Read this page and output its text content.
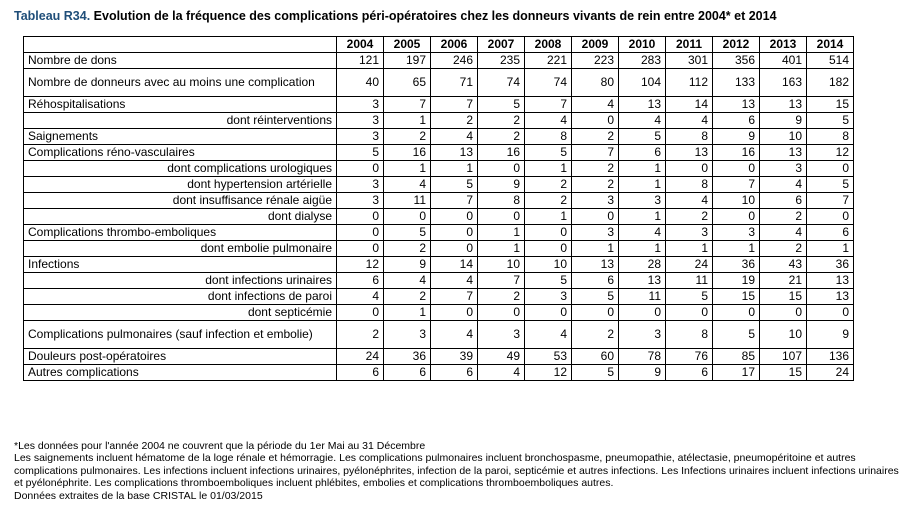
Tableau R34. Evolution de la fréquence des complications péri-opératoires chez les donneurs vivants de rein entre 2004* et 2014
	2004	2005	2006	2007	2008	2009	2010	2011	2012	2013	2014
Nombre de dons	121	197	246	235	221	223	283	301	356	401	514
Nombre de donneurs avec au moins une complication	40	65	71	74	74	80	104	112	133	163	182
Réhospitalisations	3	7	7	5	7	4	13	14	13	13	15
dont réinterventions	3	1	2	2	4	0	4	4	6	9	5
Saignements	3	2	4	2	8	2	5	8	9	10	8
Complications réno-vasculaires	5	16	13	16	5	7	6	13	16	13	12
dont complications urologiques	0	1	1	0	1	2	1	0	0	3	0
dont hypertension artérielle	3	4	5	9	2	2	1	8	7	4	5
dont insuffisance rénale aigüe	3	11	7	8	2	3	3	4	10	6	7
dont dialyse	0	0	0	0	1	0	1	2	0	2	0
Complications thrombo-emboliques	0	5	0	1	0	3	4	3	3	4	6
dont embolie pulmonaire	0	2	0	1	0	1	1	1	1	2	1
Infections	12	9	14	10	10	13	28	24	36	43	36
dont infections urinaires	6	4	4	7	5	6	13	11	19	21	13
dont infections de paroi	4	2	7	2	3	5	11	5	15	15	13
dont septicémie	0	1	0	0	0	0	0	0	0	0	0
Complications pulmonaires (sauf infection et embolie)	2	3	4	3	4	2	3	8	5	10	9
Douleurs post-opératoires	24	36	39	49	53	60	78	76	85	107	136
Autres complications	6	6	6	4	12	5	9	6	17	15	24

*Les données pour l'année 2004 ne couvrent que la période du 1er Mai au 31 Décembre

Les saignements incluent hématome de la loge rénale et hémorragie. Les complications pulmonaires incluent bronchospasme, pneumopathie, atélectasie, pneumopéritoine et autres complications pulmonaires. Les infections incluent infections urinaires, pyélonéphrites, infection de la paroi, septicémie et autres infections. Les Infections urinaires incluent infections urinaires et pyélonéphrite. Les complications thromboemboliques incluent phlébites, embolies et complications thromboemboliques autres.

Données extraites de la base CRISTAL le 01/03/2015
